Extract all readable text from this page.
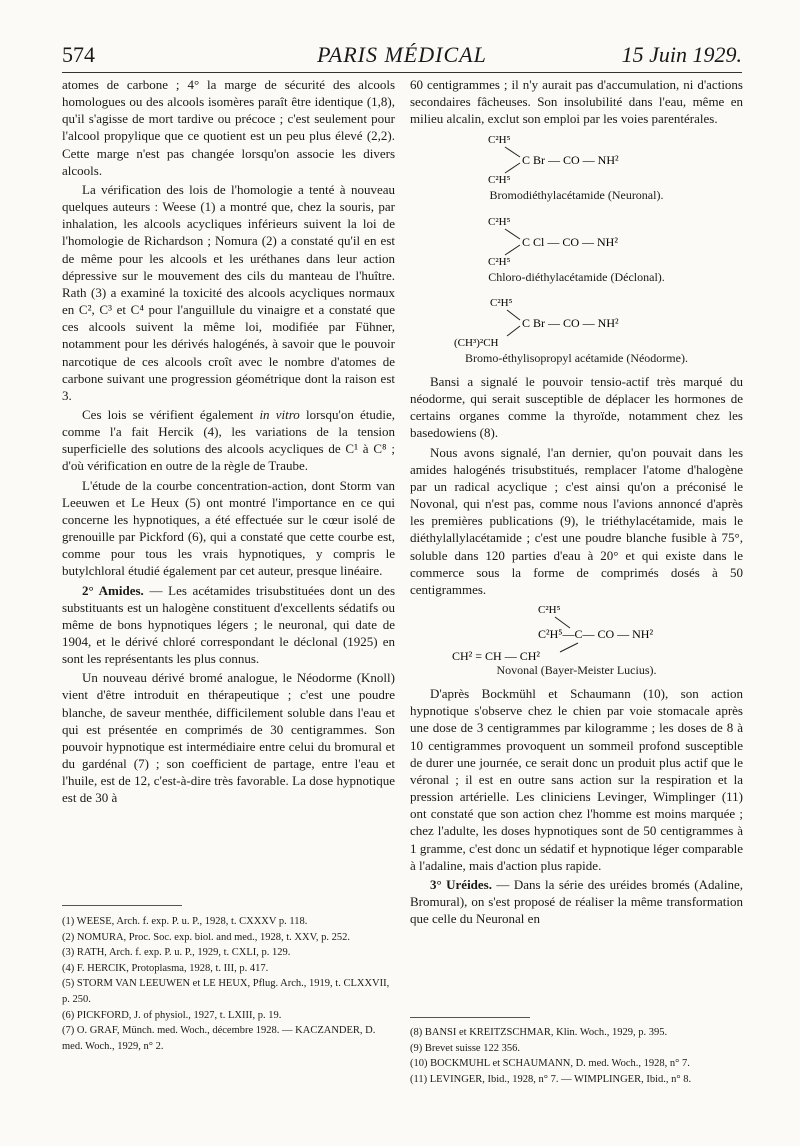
574	PARIS MÉDICAL	15 Juin 1929.

atomes de carbone ; 4° la marge de sécurité des alcools homologues ou des alcools isomères paraît être identique (1,8), qu'il s'agisse de mort tardive ou précoce ; c'est seulement pour l'alcool propylique que ce quotient est un peu plus élevé (2,2). Cette marge n'est pas changée lorsqu'on associe les divers alcools.

La vérification des lois de l'homologie a tenté à nouveau quelques auteurs : Weese (1) a montré que, chez la souris, par inhalation, les alcools acycliques inférieurs suivent la loi de l'homologie de Richardson ; Nomura (2) a constaté qu'il en est de même pour les alcools et les uréthanes dans leur action dépressive sur le mouvement des cils du manteau de l'huître. Rath (3) a examiné la toxicité des alcools acycliques normaux en C², C³ et C⁴ pour l'anguillule du vinaigre et a constaté que ces alcools suivent la même loi, modifiée par Fühner, notamment pour les dérivés halogénés, à savoir que le pouvoir narcotique de ces alcools croît avec le nombre d'atomes de carbone suivant une progression géométrique dont la raison est 3.

Ces lois se vérifient également in vitro lorsqu'on étudie, comme l'a fait Hercik (4), les variations de la tension superficielle des solutions des alcools acycliques de C¹ à C⁸ ; d'où vérification en outre de la règle de Traube.

L'étude de la courbe concentration-action, dont Storm van Leeuwen et Le Heux (5) ont montré l'importance en ce qui concerne les hypnotiques, a été effectuée sur le cœur isolé de grenouille par Pickford (6), qui a constaté que cette courbe est, comme pour tous les vrais hypnotiques, y compris le butylchloral étudié également par cet auteur, presque linéaire.

2° Amides. — Les acétamides trisubstituées dont un des substituants est un halogène constituent d'excellents sédatifs ou même de bons hypnotiques légers ; le neuronal, qui date de 1904, et le dérivé chloré correspondant le déclonal (1925) en sont les représentants les plus connus.

Un nouveau dérivé bromé analogue, le Néodorme (Knoll) vient d'être introduit en thérapeutique ; c'est une poudre blanche, de saveur menthée, difficilement soluble dans l'eau et qui est présentée en comprimés de 30 centigrammes. Son pouvoir hypnotique est intermédiaire entre celui du bromural et du gardénal (7) ; son coefficient de partage, entre l'eau et l'huile, est de 12, c'est-à-dire très favorable. La dose hypnotique est de 30 à

(1) WEESE, Arch. f. exp. P. u. P., 1928, t. CXXXV p. 118.
(2) NOMURA, Proc. Soc. exp. biol. and med., 1928, t. XXV, p. 252.
(3) RATH, Arch. f. exp. P. u. P., 1929, t. CXLI, p. 129.
(4) F. HERCIK, Protoplasma, 1928, t. III, p. 417.
(5) STORM VAN LEEUWEN et LE HEUX, Pflug. Arch., 1919, t. CLXXVII, p. 250.
(6) PICKFORD, J. of physiol., 1927, t. LXIII, p. 19.
(7) O. GRAF, Münch. med. Woch., décembre 1928. — KACZANDER, D. med. Woch., 1929, n° 2.

60 centigrammes ; il n'y aurait pas d'accumulation, ni d'actions secondaires fâcheuses. Son insolubilité dans l'eau, même en milieu alcalin, exclut son emploi par les voies parentérales.

C²H⁵
C Br — CO — NH²
C²H⁵
Bromodiéthylacétamide (Neuronal).
C²H⁵
C Cl — CO — NH²
C²H⁵
Chloro-diéthylacétamide (Déclonal).
C²H⁵
C Br — CO — NH²
(CH³)²CH
Bromo-éthylisopropyl acétamide (Néodorme).

Bansi a signalé le pouvoir tensio-actif très marqué du néodorme, qui serait susceptible de déplacer les hormones de certains organes comme la thyroïde, notamment chez les basedowiens (8).

Nous avons signalé, l'an dernier, qu'on pouvait dans les amides halogénés trisubstitués, remplacer l'atome d'halogène par un radical acyclique ; c'est ainsi qu'on a préconisé le Novonal, qui n'est pas, comme nous l'avions annoncé d'après les premières publications (9), le triéthylacétamide, mais le diéthylallylacétamide ; c'est une poudre blanche fusible à 75°, soluble dans 120 parties d'eau à 20° et qui existe dans le commerce sous la forme de comprimés dosés à 50 centigrammes.

C²H⁵
C²H⁵—C— CO — NH²
CH² = CH — CH²
Novonal (Bayer-Meister Lucius).

D'après Bockmühl et Schaumann (10), son action hypnotique s'observe chez le chien par voie stomacale après une dose de 3 centigrammes par kilogramme ; les doses de 8 à 10 centigrammes provoquent un sommeil profond susceptible de durer une journée, ce serait donc un produit plus actif que le véronal ; il est en outre sans action sur la respiration et la pression artérielle. Les cliniciens Levinger, Wimplinger (11) ont constaté que son action chez l'homme est moins marquée ; chez l'adulte, les doses hypnotiques sont de 50 centigrammes à 1 gramme, c'est donc un sédatif et hypnotique léger comparable à l'adaline, mais d'action plus rapide.

3° Uréides. — Dans la série des uréides bromés (Adaline, Bromural), on s'est proposé de réaliser la même transformation que celle du Neuronal en

(8) BANSI et KREITZSCHMAR, Klin. Woch., 1929, p. 395.
(9) Brevet suisse 122 356.
(10) BOCKMUHL et SCHAUMANN, D. med. Woch., 1928, n° 7.
(11) LEVINGER, Ibid., 1928, n° 7. — WIMPLINGER, Ibid., n° 8.
